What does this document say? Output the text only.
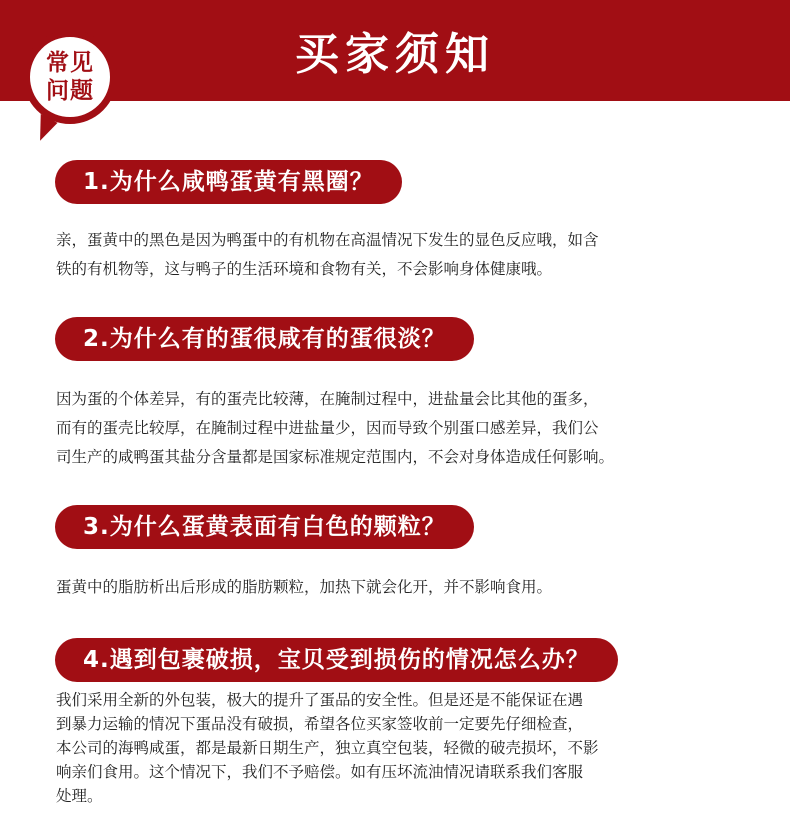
买家须知
常见
问题
1.为什么咸鸭蛋黄有黑圈？
亲，蛋黄中的黑色是因为鸭蛋中的有机物在高温情况下发生的显色反应哦，如含
铁的有机物等，这与鸭子的生活环境和食物有关，不会影响身体健康哦。
2.为什么有的蛋很咸有的蛋很淡？
因为蛋的个体差异，有的蛋壳比较薄，在腌制过程中，进盐量会比其他的蛋多，
而有的蛋壳比较厚，在腌制过程中进盐量少，因而导致个别蛋口感差异，我们公
司生产的咸鸭蛋其盐分含量都是国家标准规定范围内，不会对身体造成任何影响。
3.为什么蛋黄表面有白色的颗粒？
蛋黄中的脂肪析出后形成的脂肪颗粒，加热下就会化开，并不影响食用。
4.遇到包裹破损，宝贝受到损伤的情况怎么办？
我们采用全新的外包装，极大的提升了蛋品的安全性。但是还是不能保证在遇
到暴力运输的情况下蛋品没有破损，希望各位买家签收前一定要先仔细检查，
本公司的海鸭咸蛋，都是最新日期生产，独立真空包装，轻微的破壳损坏，不影
响亲们食用。这个情况下，我们不予赔偿。如有压坏流油情况请联系我们客服
处理。
